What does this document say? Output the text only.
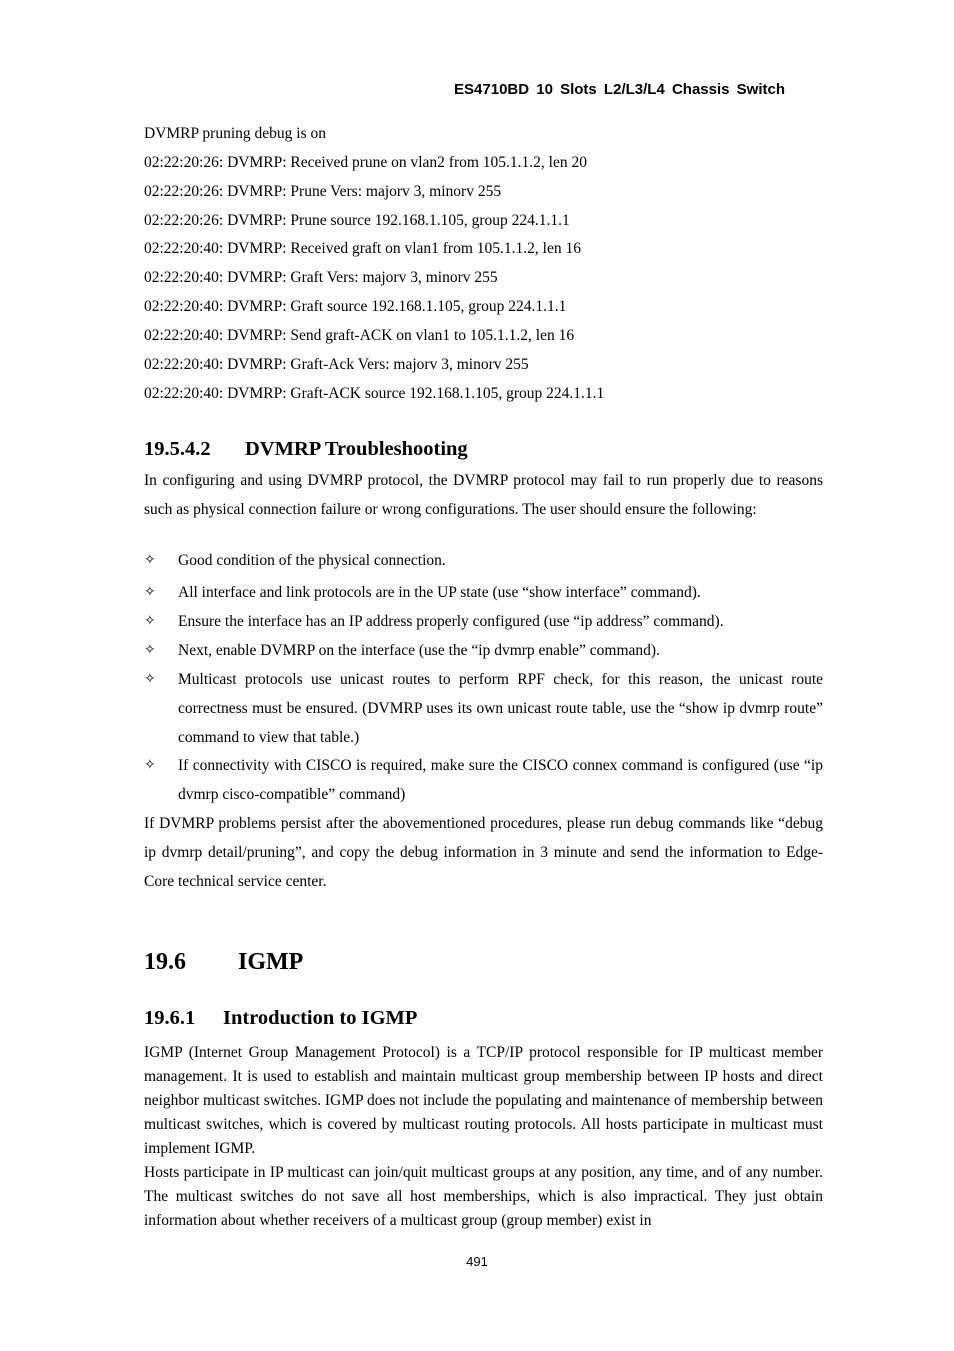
ES4710BD 10 Slots L2/L3/L4 Chassis Switch
DVMRP pruning debug is on
02:22:20:26: DVMRP: Received prune on vlan2 from 105.1.1.2, len 20
02:22:20:26: DVMRP: Prune Vers: majorv 3, minorv 255
02:22:20:26: DVMRP: Prune source 192.168.1.105, group 224.1.1.1
02:22:20:40: DVMRP: Received graft on vlan1 from 105.1.1.2, len 16
02:22:20:40: DVMRP: Graft Vers: majorv 3, minorv 255
02:22:20:40: DVMRP: Graft source 192.168.1.105, group 224.1.1.1
02:22:20:40: DVMRP: Send graft-ACK on vlan1 to 105.1.1.2, len 16
02:22:20:40: DVMRP: Graft-Ack Vers: majorv 3, minorv 255
02:22:20:40: DVMRP: Graft-ACK source 192.168.1.105, group 224.1.1.1
19.5.4.2 DVMRP Troubleshooting
In configuring and using DVMRP protocol, the DVMRP protocol may fail to run properly due to reasons such as physical connection failure or wrong configurations. The user should ensure the following:
✧	Good condition of the physical connection.
✧	All interface and link protocols are in the UP state (use “show interface” command).
✧	Ensure the interface has an IP address properly configured (use “ip address” command).
✧	Next, enable DVMRP on the interface (use the “ip dvmrp enable” command).
✧	Multicast protocols use unicast routes to perform RPF check, for this reason, the unicast route correctness must be ensured. (DVMRP uses its own unicast route table, use the “show ip dvmrp route” command to view that table.)
✧	If connectivity with CISCO is required, make sure the CISCO connex command is configured (use “ip dvmrp cisco-compatible” command)
If DVMRP problems persist after the abovementioned procedures, please run debug commands like “debug ip dvmrp detail/pruning”, and copy the debug information in 3 minute and send the information to Edge-Core technical service center.
19.6 IGMP
19.6.1 Introduction to IGMP
IGMP (Internet Group Management Protocol) is a TCP/IP protocol responsible for IP multicast member management. It is used to establish and maintain multicast group membership between IP hosts and direct neighbor multicast switches. IGMP does not include the populating and maintenance of membership between multicast switches, which is covered by multicast routing protocols. All hosts participate in multicast must implement IGMP.
Hosts participate in IP multicast can join/quit multicast groups at any position, any time, and of any number. The multicast switches do not save all host memberships, which is also impractical. They just obtain information about whether receivers of a multicast group (group member) exist in
491
